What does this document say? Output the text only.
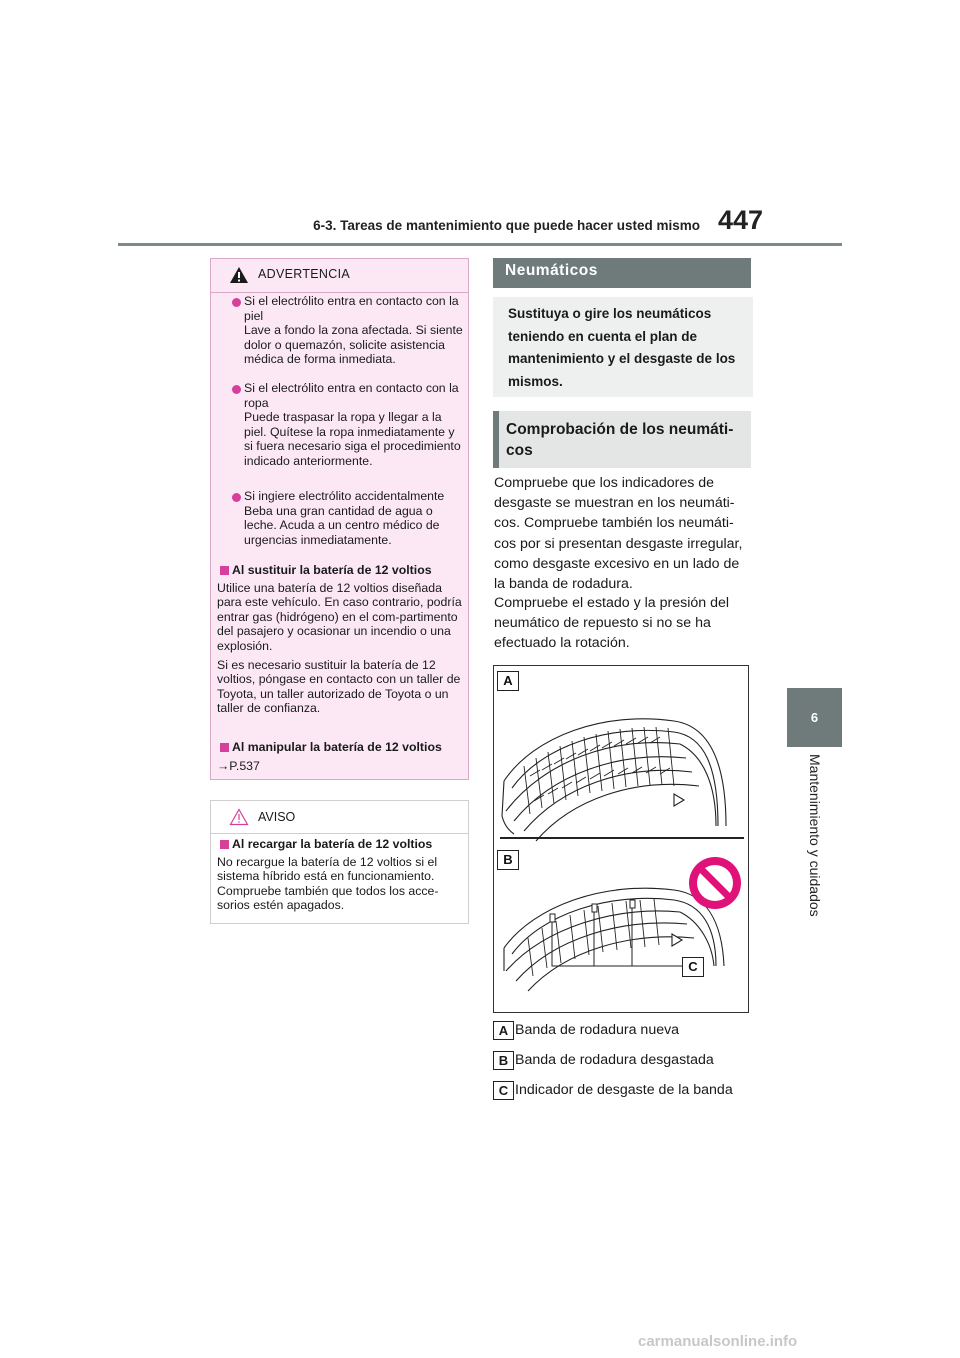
6-3. Tareas de mantenimiento que puede hacer usted mismo 447
6
Mantenimiento y cuidados
ADVERTENCIA
Si el electrólito entra en contacto con la piel
Lave a fondo la zona afectada. Si siente dolor o quemazón, solicite asistencia médica de forma inmediata.
Si el electrólito entra en contacto con la ropa
Puede traspasar la ropa y llegar a la piel. Quítese la ropa inmediatamente y si fuera necesario siga el procedimiento indicado anteriormente.
Si ingiere electrólito accidentalmente
Beba una gran cantidad de agua o leche. Acuda a un centro médico de urgencias inmediatamente.
Al sustituir la batería de 12 voltios
Utilice una batería de 12 voltios diseñada para este vehículo. En caso contrario, podría entrar gas (hidrógeno) en el com-partimento del pasajero y ocasionar un incendio o una explosión.
Si es necesario sustituir la batería de 12 voltios, póngase en contacto con un taller de Toyota, un taller autorizado de Toyota o un taller de confianza.
Al manipular la batería de 12 voltios
→P.537
AVISO
Al recargar la batería de 12 voltios
No recargue la batería de 12 voltios si el sistema híbrido está en funcionamiento. Compruebe también que todos los acce-sorios estén apagados.
Neumáticos
Sustituya o gire los neumáticos teniendo en cuenta el plan de mantenimiento y el desgaste de los mismos.
Comprobación de los neumáti-cos
Compruebe que los indicadores de desgaste se muestran en los neumáti-cos. Compruebe también los neumáti-cos por si presentan desgaste irregular, como desgaste excesivo en un lado de la banda de rodadura.
Compruebe el estado y la presión del neumático de repuesto si no se ha efectuado la rotación.
A
B
C
A Banda de rodadura nueva
B Banda de rodadura desgastada
C Indicador de desgaste de la banda
carmanualsonline.info
